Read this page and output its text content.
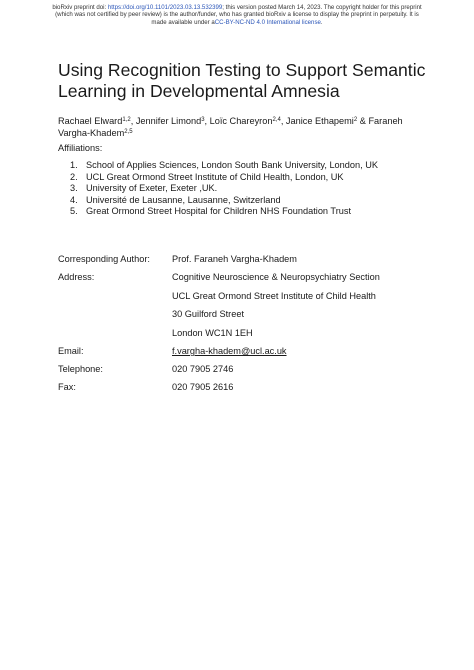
bioRxiv preprint doi: https://doi.org/10.1101/2023.03.13.532399; this version posted March 14, 2023. The copyright holder for this preprint
(which was not certified by peer review) is the author/funder, who has granted bioRxiv a license to display the preprint in perpetuity. It is
made available under aCC-BY-NC-ND 4.0 International license.
Using Recognition Testing to Support Semantic Learning in Developmental Amnesia
Rachael Elward$^{1,2}$, Jennifer Limond$^3$, Loïc Chareyron$^{2,4}$, Janice Ethapemi$^2$ & Faraneh
Vargha-Khadem$^{2,5}$
Affiliations:
1. School of Applies Sciences, London South Bank University, London, UK
2. UCL Great Ormond Street Institute of Child Health, London, UK
3. University of Exeter, Exeter ,UK.
4. Université de Lausanne, Lausanne, Switzerland
5. Great Ormond Street Hospital for Children NHS Foundation Trust
Corresponding Author: Prof. Faraneh Vargha-Khadem
Address:	Cognitive Neuroscience & Neuropsychiatry Section
UCL Great Ormond Street Institute of Child Health
30 Guilford Street
London WC1N 1EH
Email:	f.vargha-khadem@ucl.ac.uk
Telephone:	020 7905 2746
Fax:	020 7905 2616
